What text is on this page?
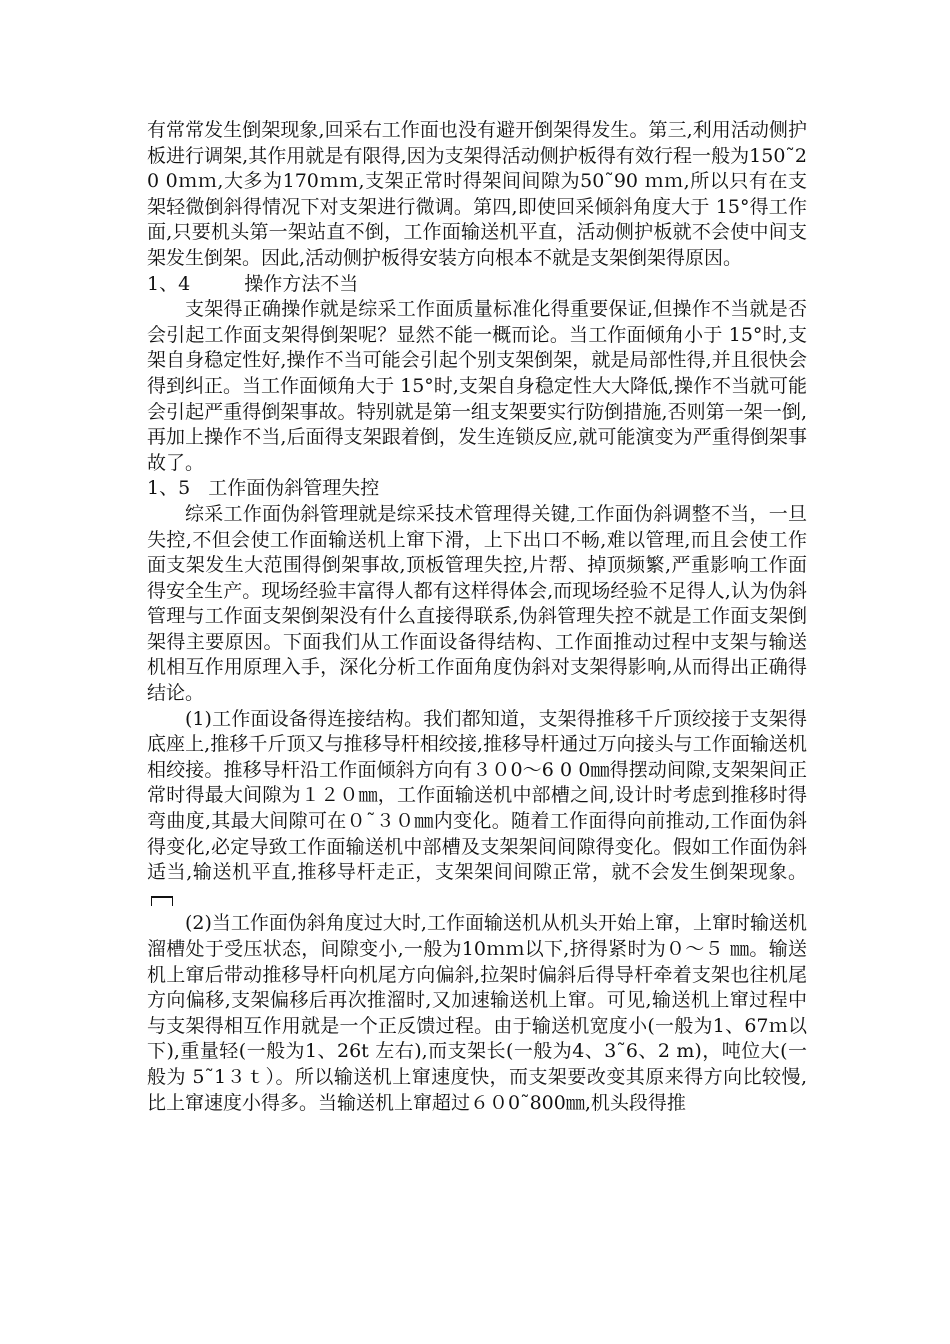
有常常发生倒架现象,回采右工作面也没有避开倒架得发生。第三,利用活动侧护板进行调架,其作用就是有限得,因为支架得活动侧护板得有效行程一般为150˜2 0 0ｍｍ,大多为170ｍｍ,支架正常时得架间间隙为50˜90 ｍｍ,所以只有在支架轻微倒斜得情况下对支架进行微调。第四,即使回采倾斜角度大于 15°得工作面,只要机头第一架站直不倒，工作面输送机平直，活动侧护板就不会使中间支架发生倒架。因此,活动侧护板得安装方向根本不就是支架倒架得原因。

1、4	操作方法不当

支架得正确操作就是综采工作面质量标准化得重要保证,但操作不当就是否会引起工作面支架得倒架呢？显然不能一概而论。当工作面倾角小于 15°时,支架自身稳定性好,操作不当可能会引起个别支架倒架，就是局部性得,并且很快会得到纠正。当工作面倾角大于 15°时,支架自身稳定性大大降低,操作不当就可能会引起严重得倒架事故。特别就是第一组支架要实行防倒措施,否则第一架一倒,再加上操作不当,后面得支架跟着倒，发生连锁反应,就可能演变为严重得倒架事故了。

1、5 工作面伪斜管理失控

综采工作面伪斜管理就是综采技术管理得关键,工作面伪斜调整不当，一旦失控,不但会使工作面输送机上窜下滑，上下出口不畅,难以管理,而且会使工作面支架发生大范围得倒架事故,顶板管理失控,片帮、掉顶频繁,严重影响工作面得安全生产。现场经验丰富得人都有这样得体会,而现场经验不足得人,认为伪斜管理与工作面支架倒架没有什么直接得联系,伪斜管理失控不就是工作面支架倒架得主要原因。下面我们从工作面设备得结构、工作面推动过程中支架与输送机相互作用原理入手，深化分析工作面角度伪斜对支架得影响,从而得出正确得结论。

(1)工作面设备得连接结构。我们都知道，支架得推移千斤顶绞接于支架得底座上,推移千斤顶又与推移导杆相绞接,推移导杆通过万向接头与工作面输送机相绞接。推移导杆沿工作面倾斜方向有３０0～6 0 0㎜得摆动间隙,支架架间正常时得最大间隙为１２０㎜，工作面输送机中部槽之间,设计时考虑到推移时得弯曲度,其最大间隙可在０˜３０㎜内变化。随着工作面得向前推动,工作面伪斜得变化,必定导致工作面输送机中部槽及支架架间间隙得变化。假如工作面伪斜适当,输送机平直,推移导杆走正，支架架间间隙正常，就不会发生倒架现象。

(2)当工作面伪斜角度过大时,工作面输送机从机头开始上窜，上窜时输送机溜槽处于受压状态，间隙变小,一般为10ｍｍ以下,挤得紧时为０～５ ㎜。输送机上窜后带动推移导杆向机尾方向偏斜,拉架时偏斜后得导杆牵着支架也往机尾方向偏移,支架偏移后再次推溜时,又加速输送机上窜。可见,输送机上窜过程中与支架得相互作用就是一个正反馈过程。由于输送机宽度小(一般为1、67ｍ以下),重量轻(一般为1、26t 左右),而支架长(一般为4、3˜6、2 m)，吨位大(一般为 5˜1３ｔ）。所以输送机上窜速度快，而支架要改变其原来得方向比较慢,比上窜速度小得多。当输送机上窜超过６０0˜800㎜,机头段得推
